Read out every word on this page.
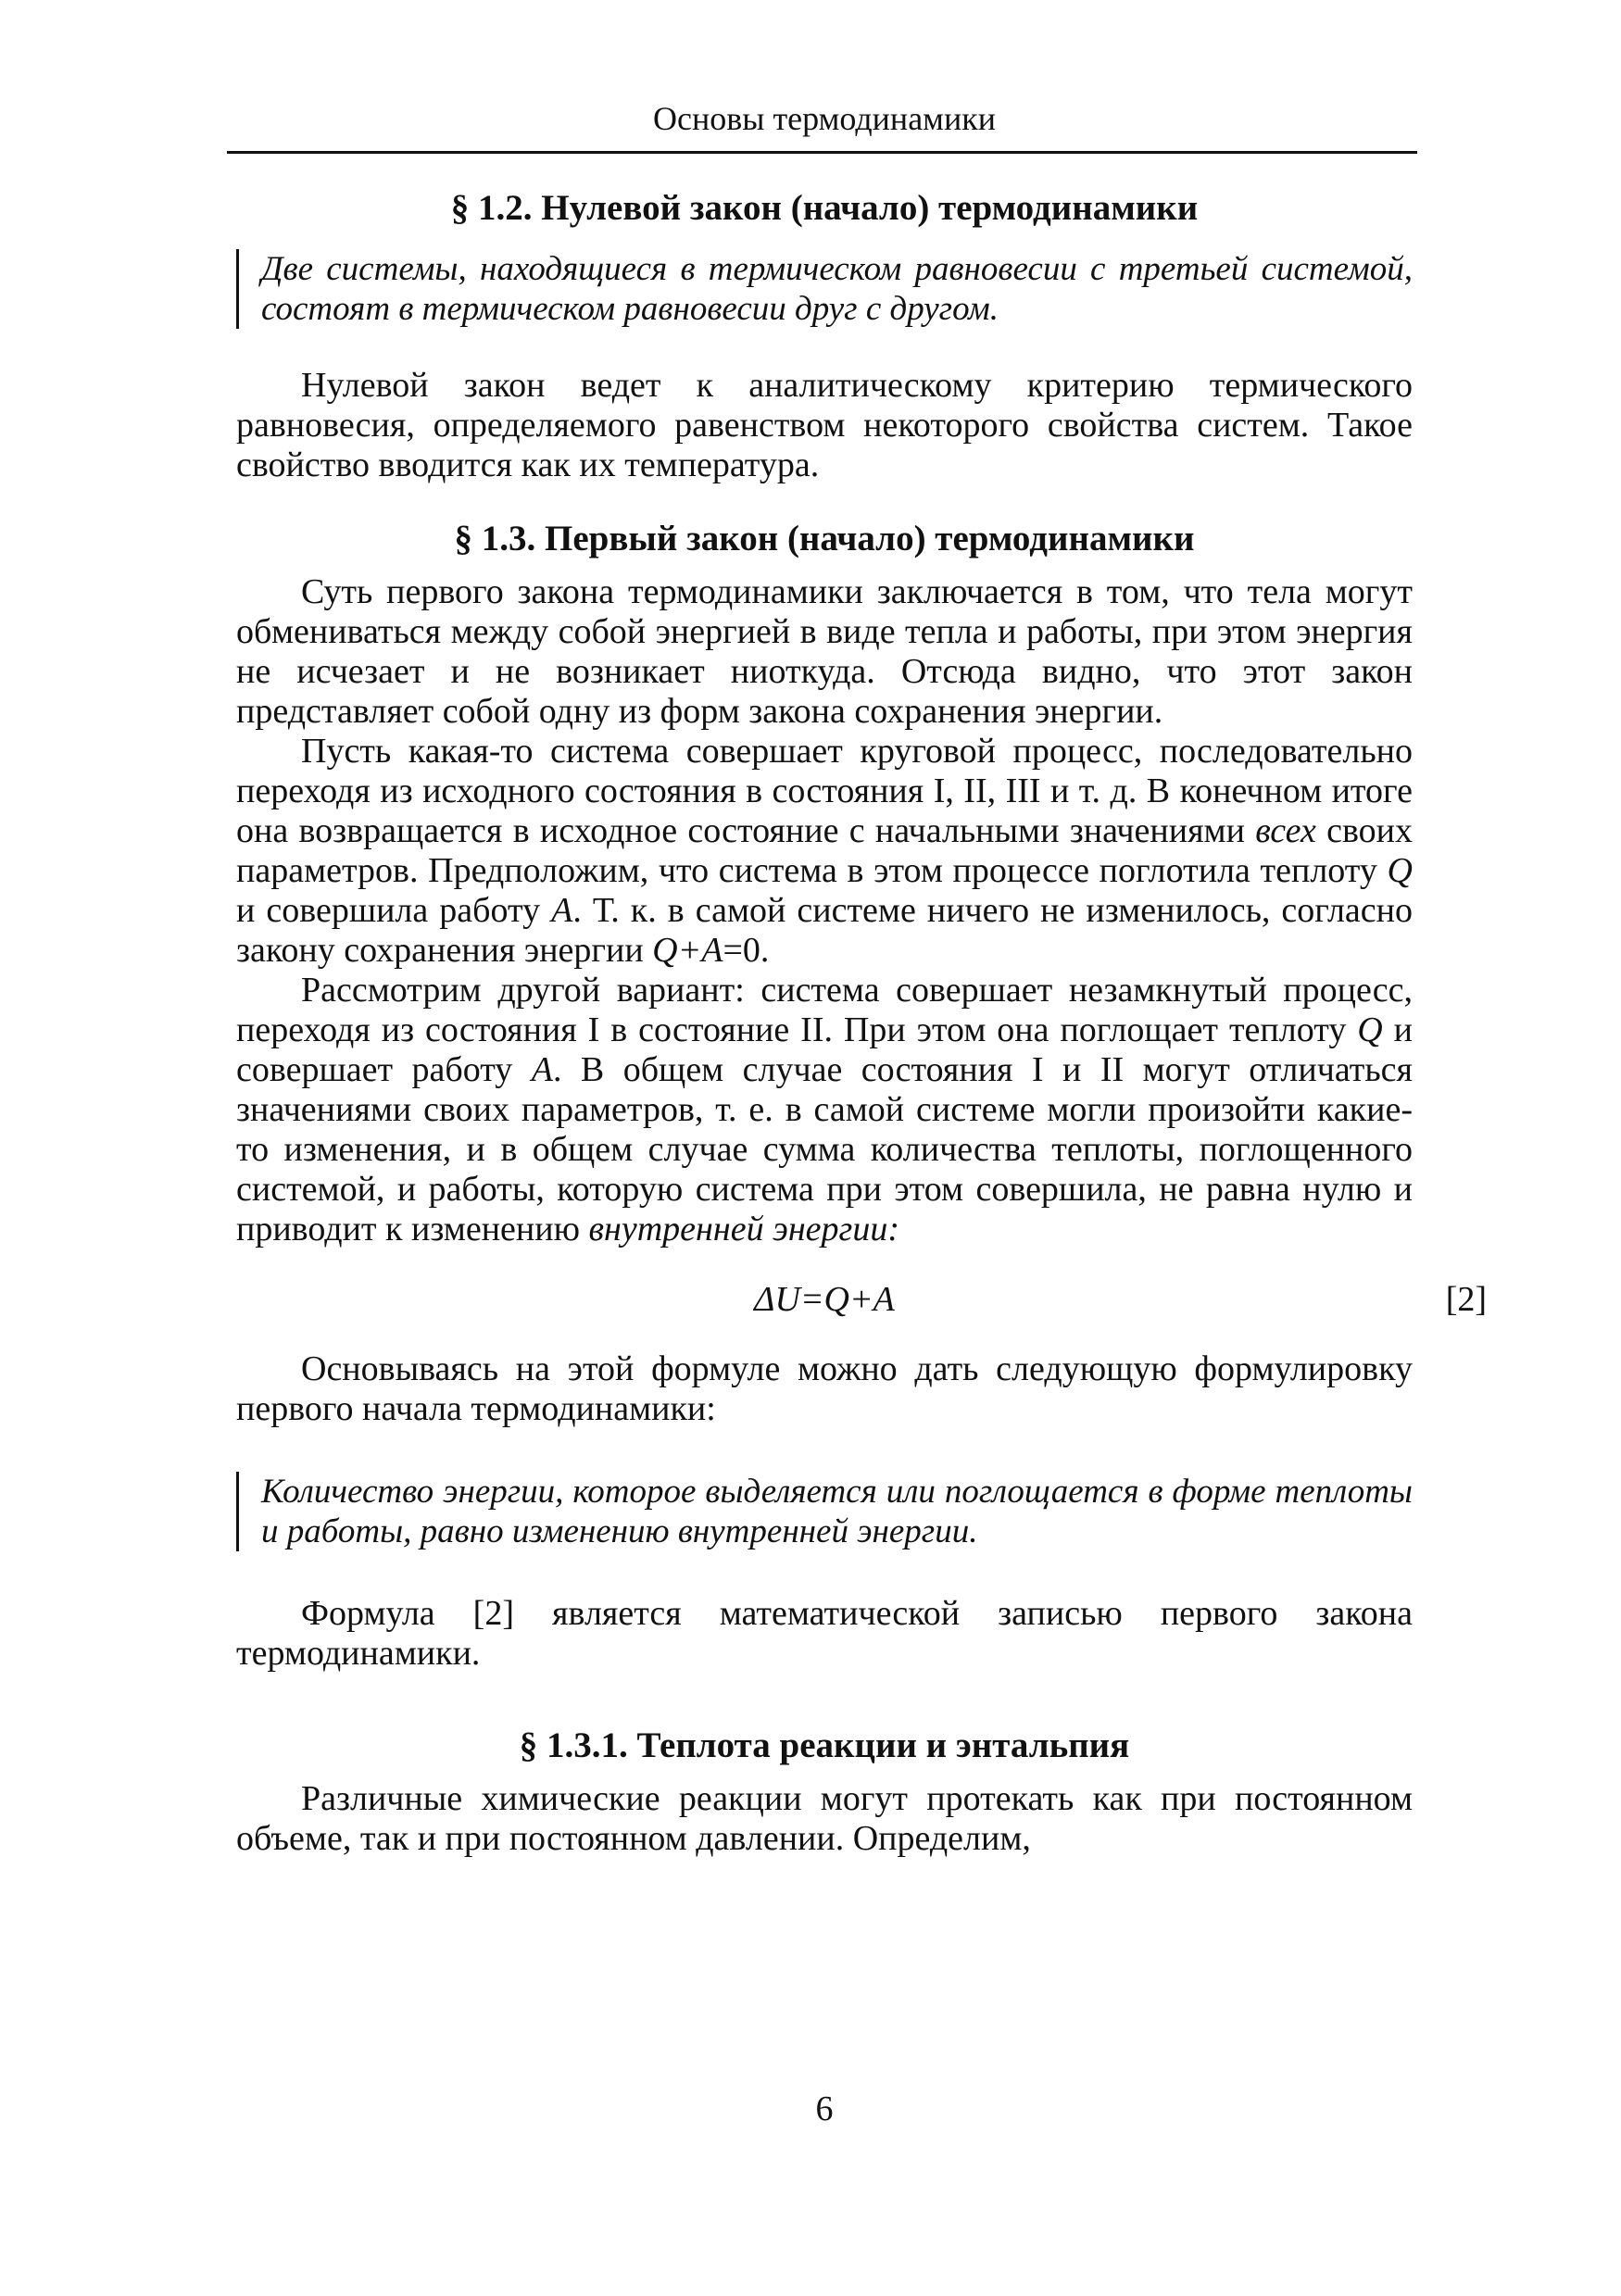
Основы термодинамики
§ 1.2. Нулевой закон (начало) термодинамики
Две системы, находящиеся в термическом равновесии с третьей системой, состоят в термическом равновесии друг с другом.

Нулевой закон ведет к аналитическому критерию термического равновесия, определяемого равенством некоторого свойства систем. Такое свойство вводится как их температура.

§ 1.3. Первый закон (начало) термодинамики

Суть первого закона термодинамики заключается в том, что тела могут обмениваться между собой энергией в виде тепла и работы, при этом энергия не исчезает и не возникает ниоткуда. Отсюда видно, что этот закон представляет собой одну из форм закона сохранения энергии.

Пусть какая-то система совершает круговой процесс, последовательно переходя из исходного состояния в состояния I, II, III и т. д. В конечном итоге она возвращается в исходное состояние с начальными значениями всех своих параметров. Предположим, что система в этом процессе поглотила теплоту Q и совершила работу A. Т. к. в самой системе ничего не изменилось, согласно закону сохранения энергии Q+A=0.

Рассмотрим другой вариант: система совершает незамкнутый процесс, переходя из состояния I в состояние II. При этом она поглощает теплоту Q и совершает работу A. В общем случае состояния I и II могут отличаться значениями своих параметров, т. е. в самой системе могли произойти какие-то изменения, и в общем случае сумма количества теплоты, поглощенного системой, и работы, которую система при этом совершила, не равна нулю и приводит к изменению внутренней энергии:

ΔU=Q+A	[2]

Основываясь на этой формуле можно дать следующую формулировку первого начала термодинамики:

Количество энергии, которое выделяется или поглощается в форме теплоты и работы, равно изменению внутренней энергии.

Формула [2] является математической записью первого закона термодинамики.

§ 1.3.1. Теплота реакции и энтальпия

Различные химические реакции могут протекать как при постоянном объеме, так и при постоянном давлении. Определим,

6
